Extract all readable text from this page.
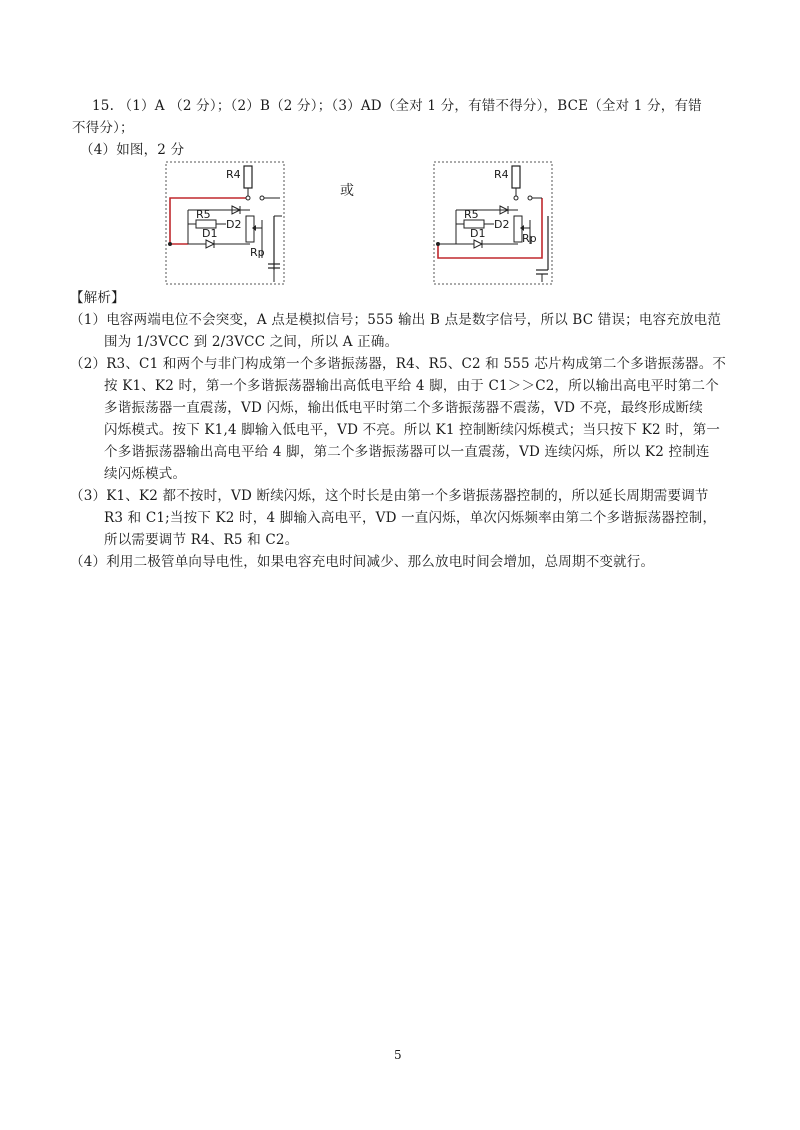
15. （1）A （2 分）；（2）B（2 分）；（3）AD（全对 1 分，有错不得分），BCE（全对 1 分，有错
不得分）；
（4）如图，2 分
R4
R5
D2
D1
Rp
或
R4
R5
D2
D1	Rp
【解析】
（1）电容两端电位不会突变，A 点是模拟信号；555 输出 B 点是数字信号，所以 BC 错误；电容充放电范
围为 1/3VCC 到 2/3VCC 之间，所以 A 正确。
（2）R3、C1 和两个与非门构成第一个多谐振荡器，R4、R5、C2 和 555 芯片构成第二个多谐振荡器。不
按 K1、K2 时，第一个多谐振荡器输出高低电平给 4 脚，由于 C1＞＞C2，所以输出高电平时第二个
多谐振荡器一直震荡，VD 闪烁，输出低电平时第二个多谐振荡器不震荡，VD 不亮，最终形成断续
闪烁模式。按下 K1,4 脚输入低电平，VD 不亮。所以 K1 控制断续闪烁模式；当只按下 K2 时，第一
个多谐振荡器输出高电平给 4 脚，第二个多谐振荡器可以一直震荡，VD 连续闪烁，所以 K2 控制连
续闪烁模式。
（3）K1、K2 都不按时，VD 断续闪烁，这个时长是由第一个多谐振荡器控制的，所以延长周期需要调节
R3 和 C1;当按下 K2 时，4 脚输入高电平，VD 一直闪烁，单次闪烁频率由第二个多谐振荡器控制，
所以需要调节 R4、R5 和 C2。
（4）利用二极管单向导电性，如果电容充电时间减少、那么放电时间会增加，总周期不变就行。
5
